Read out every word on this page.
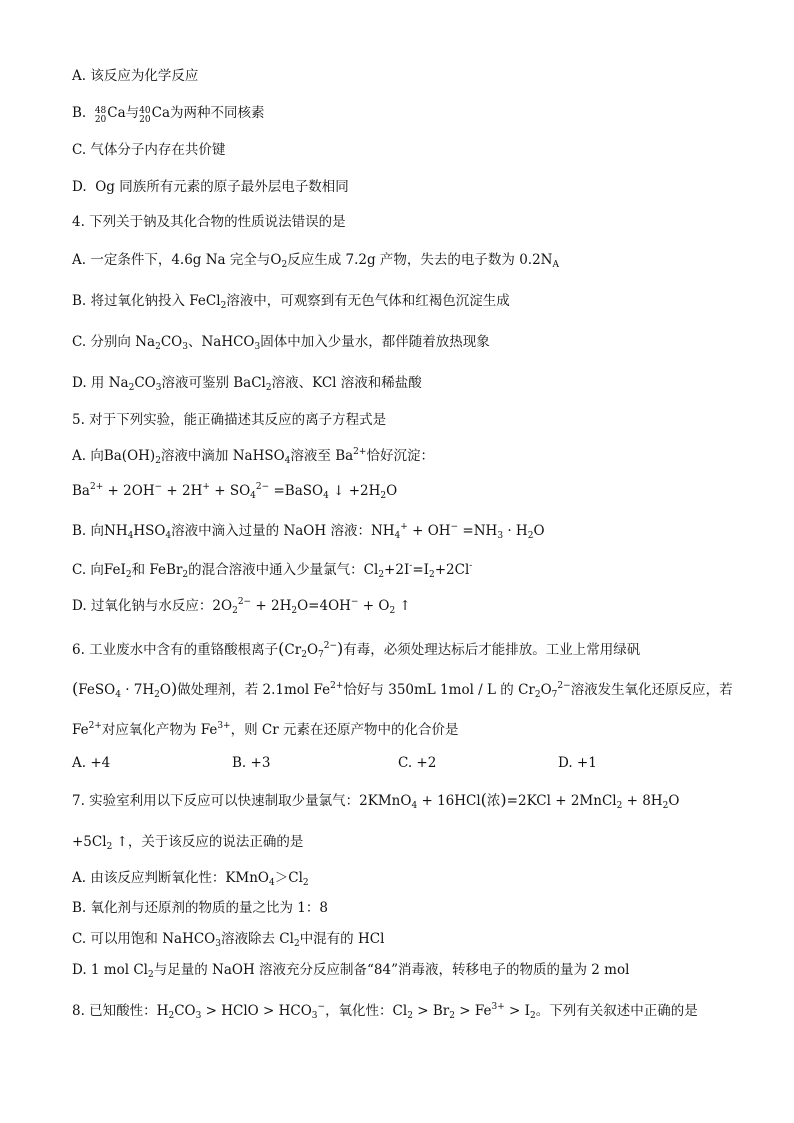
A. 该反应为化学反应
B. 48
20Ca与40
20Ca为两种不同核素
C. 气体分子内存在共价键
D. Og 同族所有元素的原子最外层电子数相同
4. 下列关于钠及其化合物的性质说法错误的是
A. 一定条件下，4.6g Na 完全与$O_2$反应生成 7.2g 产物，失去的电子数为 $0.2N_A$
B. 将过氧化钠投入 FeCl$_2$溶液中，可观察到有无色气体和红褐色沉淀生成
C. 分别向 $Na_2CO_3$、NaHCO$_3$固体中加入少量水，都伴随着放热现象
D. 用 $Na_2CO_3$溶液可鉴别 BaCl$_2$溶液、KCl 溶液和稀盐酸
5. 对于下列实验，能正确描述其反应的离子方程式是
A. 向$Ba(OH)_2$溶液中滴加 NaHSO$_4$溶液至 $Ba^{2+}$恰好沉淀：
$Ba^{2+} + 2OH^- + 2H^+ + SO_4^{2-}$ =BaSO$_4$ ↓ $+2H_2O$
B. 向$NH_4HSO_4$溶液中滴入过量的 NaOH 溶液：$NH_4^+ + OH^- =NH_3 \cdot H_2O$
C. 向FeI$_2$和 FeBr$_2$的混合溶液中通入少量氯气：$Cl_2+2I^-=I_2+2Cl^-$
D. 过氧化钠与水反应：$2O_2^{2-} + 2H_2O=4OH^- + O_2$ ↑
6. 工业废水中含有的重铬酸根离子$(Cr_2O_7^{2-})$有毒，必须处理达标后才能排放。工业上常用绿矾
(FeSO$_4$ · $7H_2O$)做处理剂，若 2.1mol $Fe^{2+}$恰好与 350mL 1mol / L 的 $Cr_2O_7^{2-}$溶液发生氧化还原反应，若
$Fe^{2+}$对应氧化产物为 $Fe^{3+}$，则 Cr 元素在还原产物中的化合价是
A. +4	B. +3	C. +2	D. +1
7. 实验室利用以下反应可以快速制取少量氯气：2KMnO$_4$ + 16HCl(浓)=2KCl + 2MnCl$_2$ + $8H_2O$
$+5Cl_2$ ↑，关于该反应的说法正确的是
A. 由该反应判断氧化性：$KMnO_4>Cl_2$
B. 氧化剂与还原剂的物质的量之比为 1：8
C. 可以用饱和 NaHCO$_3$溶液除去 $Cl_2$中混有的 HCl
D. 1 mol $Cl_2$与足量的 NaOH 溶液充分反应制备“84”消毒液，转移电子的物质的量为 2 mol
8. 已知酸性：$H_2CO_3$ > HClO > $HCO_3^-$，氧化性：$Cl_2 > Br_2 > Fe^{3+} > I_2$。下列有关叙述中正确的是
